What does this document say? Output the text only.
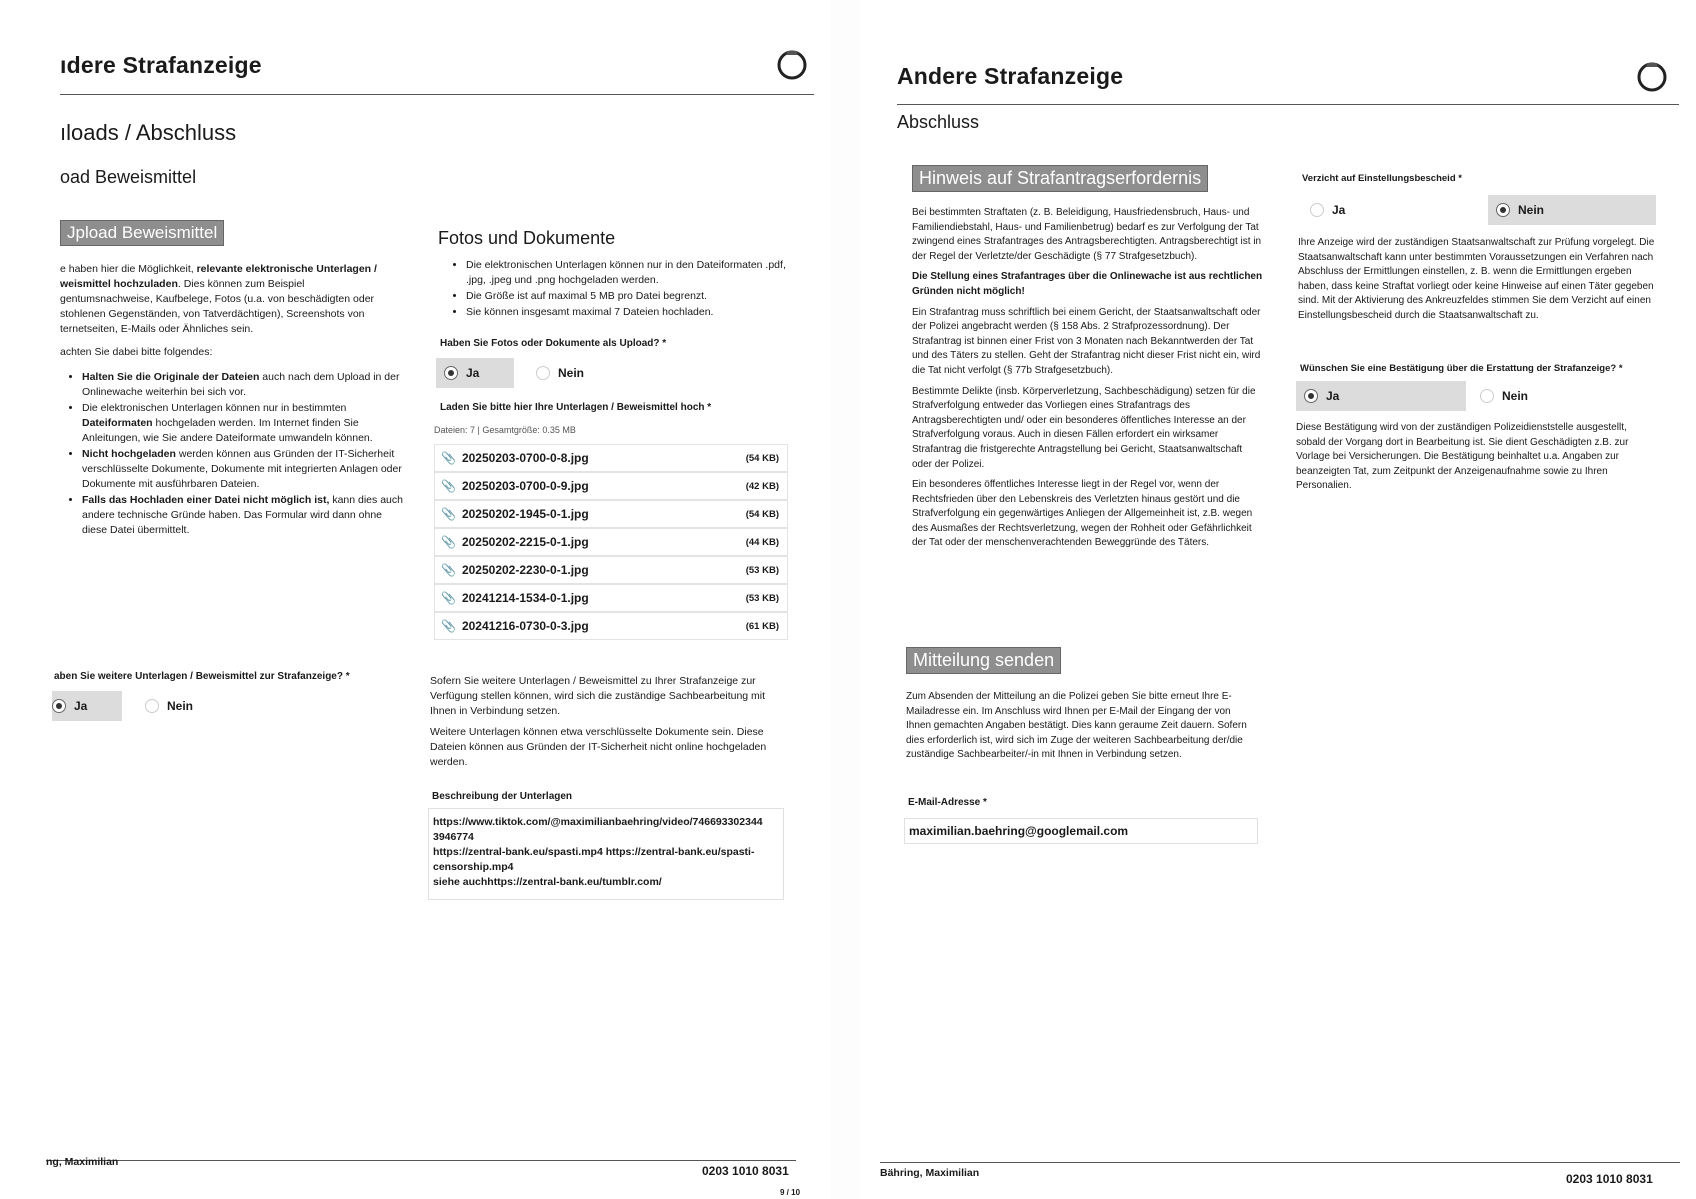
ıdere Strafanzeige
ıloads / Abschluss
oad Beweismittel
Jpload Beweismittel
e haben hier die Möglichkeit, relevante elektronische Unterlagen /
weismittel hochzuladen. Dies können zum Beispiel
gentumsnachweise, Kaufbelege, Fotos (u.a. von beschädigten oder
stohlenen Gegenständen, von Tatverdächtigen), Screenshots von
ternetseiten, E-Mails oder Ähnliches sein.
achten Sie dabei bitte folgendes:
• Halten Sie die Originale der Dateien auch nach dem Upload in der Onlinewache weiterhin bei sich vor.
• Die elektronischen Unterlagen können nur in bestimmten Dateiformaten hochgeladen werden. Im Internet finden Sie Anleitungen, wie Sie andere Dateiformate umwandeln können.
• Nicht hochgeladen werden können aus Gründen der IT-Sicherheit verschlüsselte Dokumente, Dokumente mit integrierten Anlagen oder Dokumente mit ausführbaren Dateien.
• Falls das Hochladen einer Datei nicht möglich ist, kann dies auch andere technische Gründe haben. Das Formular wird dann ohne diese Datei übermittelt.
aben Sie weitere Unterlagen / Beweismittel zur Strafanzeige? *
Ja	Nein
Fotos und Dokumente
• Die elektronischen Unterlagen können nur in den Dateiformaten .pdf, .jpg, .jpeg und .png hochgeladen werden.
• Die Größe ist auf maximal 5 MB pro Datei begrenzt.
• Sie können insgesamt maximal 7 Dateien hochladen.
Haben Sie Fotos oder Dokumente als Upload? *
Ja	Nein
Laden Sie bitte hier Ihre Unterlagen / Beweismittel hoch *
Dateien: 7 | Gesamtgröße: 0.35 MB
📎 20250203-0700-0-8.jpg	(54 KB)
📎 20250203-0700-0-9.jpg	(42 KB)
📎 20250202-1945-0-1.jpg	(54 KB)
📎 20250202-2215-0-1.jpg	(44 KB)
📎 20250202-2230-0-1.jpg	(53 KB)
📎 20241214-1534-0-1.jpg	(53 KB)
📎 20241216-0730-0-3.jpg	(61 KB)
Sofern Sie weitere Unterlagen / Beweismittel zu Ihrer Strafanzeige zur Verfügung stellen können, wird sich die zuständige Sachbearbeitung mit Ihnen in Verbindung setzen.
Weitere Unterlagen können etwa verschlüsselte Dokumente sein. Diese Dateien können aus Gründen der IT-Sicherheit nicht online hochgeladen werden.
Beschreibung der Unterlagen
https://www.tiktok.com/@maximilianbaehring/video/746693302344
3946774
https://zentral-bank.eu/spasti.mp4 https://zentral-bank.eu/spasti-
censorship.mp4
siehe auchhttps://zentral-bank.eu/tumblr.com/
ng, Maximilian
0203 1010 8031
9 / 10
Andere Strafanzeige
Abschluss
Hinweis auf Strafantragserfordernis
Bei bestimmten Straftaten (z. B. Beleidigung, Hausfriedensbruch, Haus- und Familiendiebstahl, Haus- und Familienbetrug) bedarf es zur Verfolgung der Tat zwingend eines Strafantrages des Antragsberechtigten. Antragsberechtigt ist in der Regel der Verletzte/der Geschädigte (§ 77 Strafgesetzbuch).
Die Stellung eines Strafantrages über die Onlinewache ist aus rechtlichen Gründen nicht möglich!
Ein Strafantrag muss schriftlich bei einem Gericht, der Staatsanwaltschaft oder der Polizei angebracht werden (§ 158 Abs. 2 Strafprozessordnung). Der Strafantrag ist binnen einer Frist von 3 Monaten nach Bekanntwerden der Tat und des Täters zu stellen. Geht der Strafantrag nicht dieser Frist nicht ein, wird die Tat nicht verfolgt (§ 77b Strafgesetzbuch).
Bestimmte Delikte (insb. Körperverletzung, Sachbeschädigung) setzen für die Strafverfolgung entweder das Vorliegen eines Strafantrags des Antragsberechtigten und/ oder ein besonderes öffentliches Interesse an der Strafverfolgung voraus. Auch in diesen Fällen erfordert ein wirksamer Strafantrag die fristgerechte Antragstellung bei Gericht, Staatsanwaltschaft oder der Polizei.
Ein besonderes öffentliches Interesse liegt in der Regel vor, wenn der Rechtsfrieden über den Lebenskreis des Verletzten hinaus gestört und die Strafverfolgung ein gegenwärtiges Anliegen der Allgemeinheit ist, z.B. wegen des Ausmaßes der Rechtsverletzung, wegen der Rohheit oder Gefährlichkeit der Tat oder der menschenverachtenden Beweggründe des Täters.
Mitteilung senden
Zum Absenden der Mitteilung an die Polizei geben Sie bitte erneut Ihre E-Mailadresse ein. Im Anschluss wird Ihnen per E-Mail der Eingang der von Ihnen gemachten Angaben bestätigt. Dies kann geraume Zeit dauern. Sofern dies erforderlich ist, wird sich im Zuge der weiteren Sachbearbeitung der/die zuständige Sachbearbeiter/-in mit Ihnen in Verbindung setzen.
E-Mail-Adresse *
maximilian.baehring@googlemail.com
Verzicht auf Einstellungsbescheid *
Ja	Nein
Ihre Anzeige wird der zuständigen Staatsanwaltschaft zur Prüfung vorgelegt. Die Staatsanwaltschaft kann unter bestimmten Voraussetzungen ein Verfahren nach Abschluss der Ermittlungen einstellen, z. B. wenn die Ermittlungen ergeben haben, dass keine Straftat vorliegt oder keine Hinweise auf einen Täter gegeben sind. Mit der Aktivierung des Ankreuzfeldes stimmen Sie dem Verzicht auf einen Einstellungsbescheid durch die Staatsanwaltschaft zu.
Wünschen Sie eine Bestätigung über die Erstattung der Strafanzeige? *
Ja	Nein
Diese Bestätigung wird von der zuständigen Polizeidienststelle ausgestellt, sobald der Vorgang dort in Bearbeitung ist. Sie dient Geschädigten z.B. zur Vorlage bei Versicherungen. Die Bestätigung beinhaltet u.a. Angaben zur beanzeigten Tat, zum Zeitpunkt der Anzeigenaufnahme sowie zu Ihren Personalien.
Bähring, Maximilian	0203 1010 8031
